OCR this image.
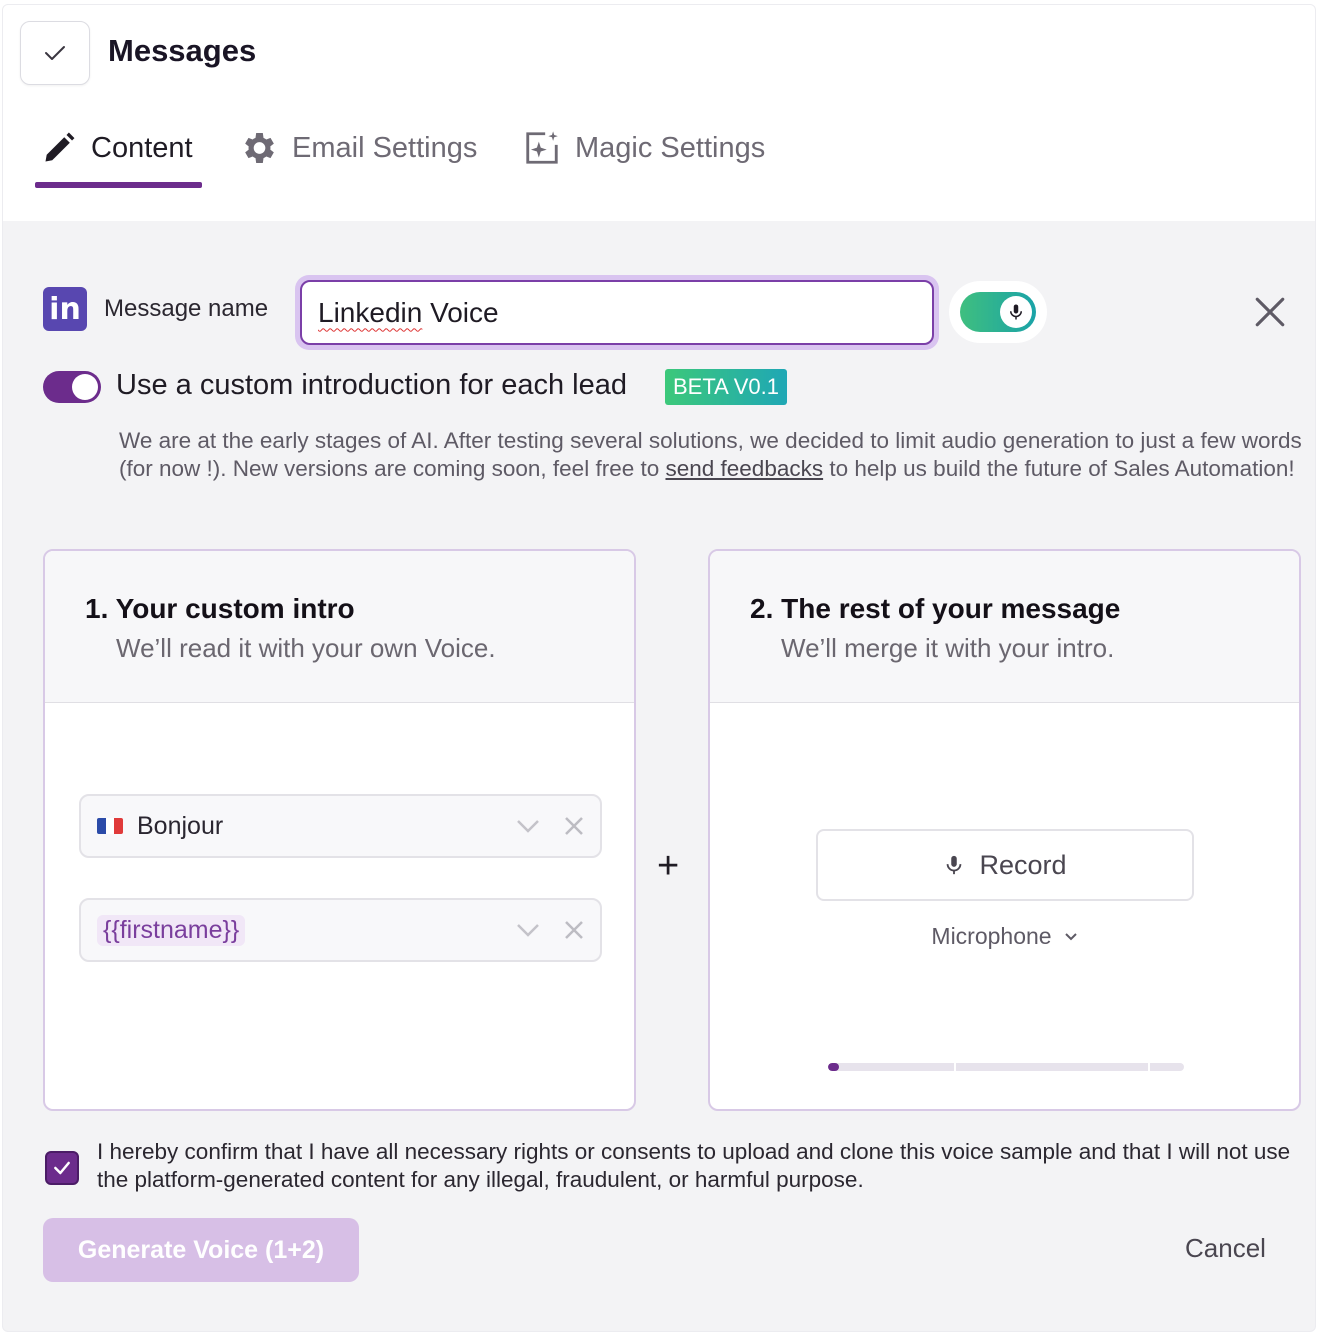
Messages
Content	Email Settings	Magic Settings
in Message name Linkedin Voice
Use a custom introduction for each lead	BETA V0.1
We are at the early stages of AI. After testing several solutions, we decided to limit audio generation to just a few words (for now !). New versions are coming soon, feel free to send feedbacks to help us build the future of Sales Automation!
1. Your custom intro
We’ll read it with your own Voice.
Bonjour
{{firstname}}
+
2. The rest of your message
We’ll merge it with your intro.
Record
Microphone
I hereby confirm that I have all necessary rights or consents to upload and clone this voice sample and that I will not use the platform-generated content for any illegal, fraudulent, or harmful purpose.
Generate Voice (1+2)	Cancel
